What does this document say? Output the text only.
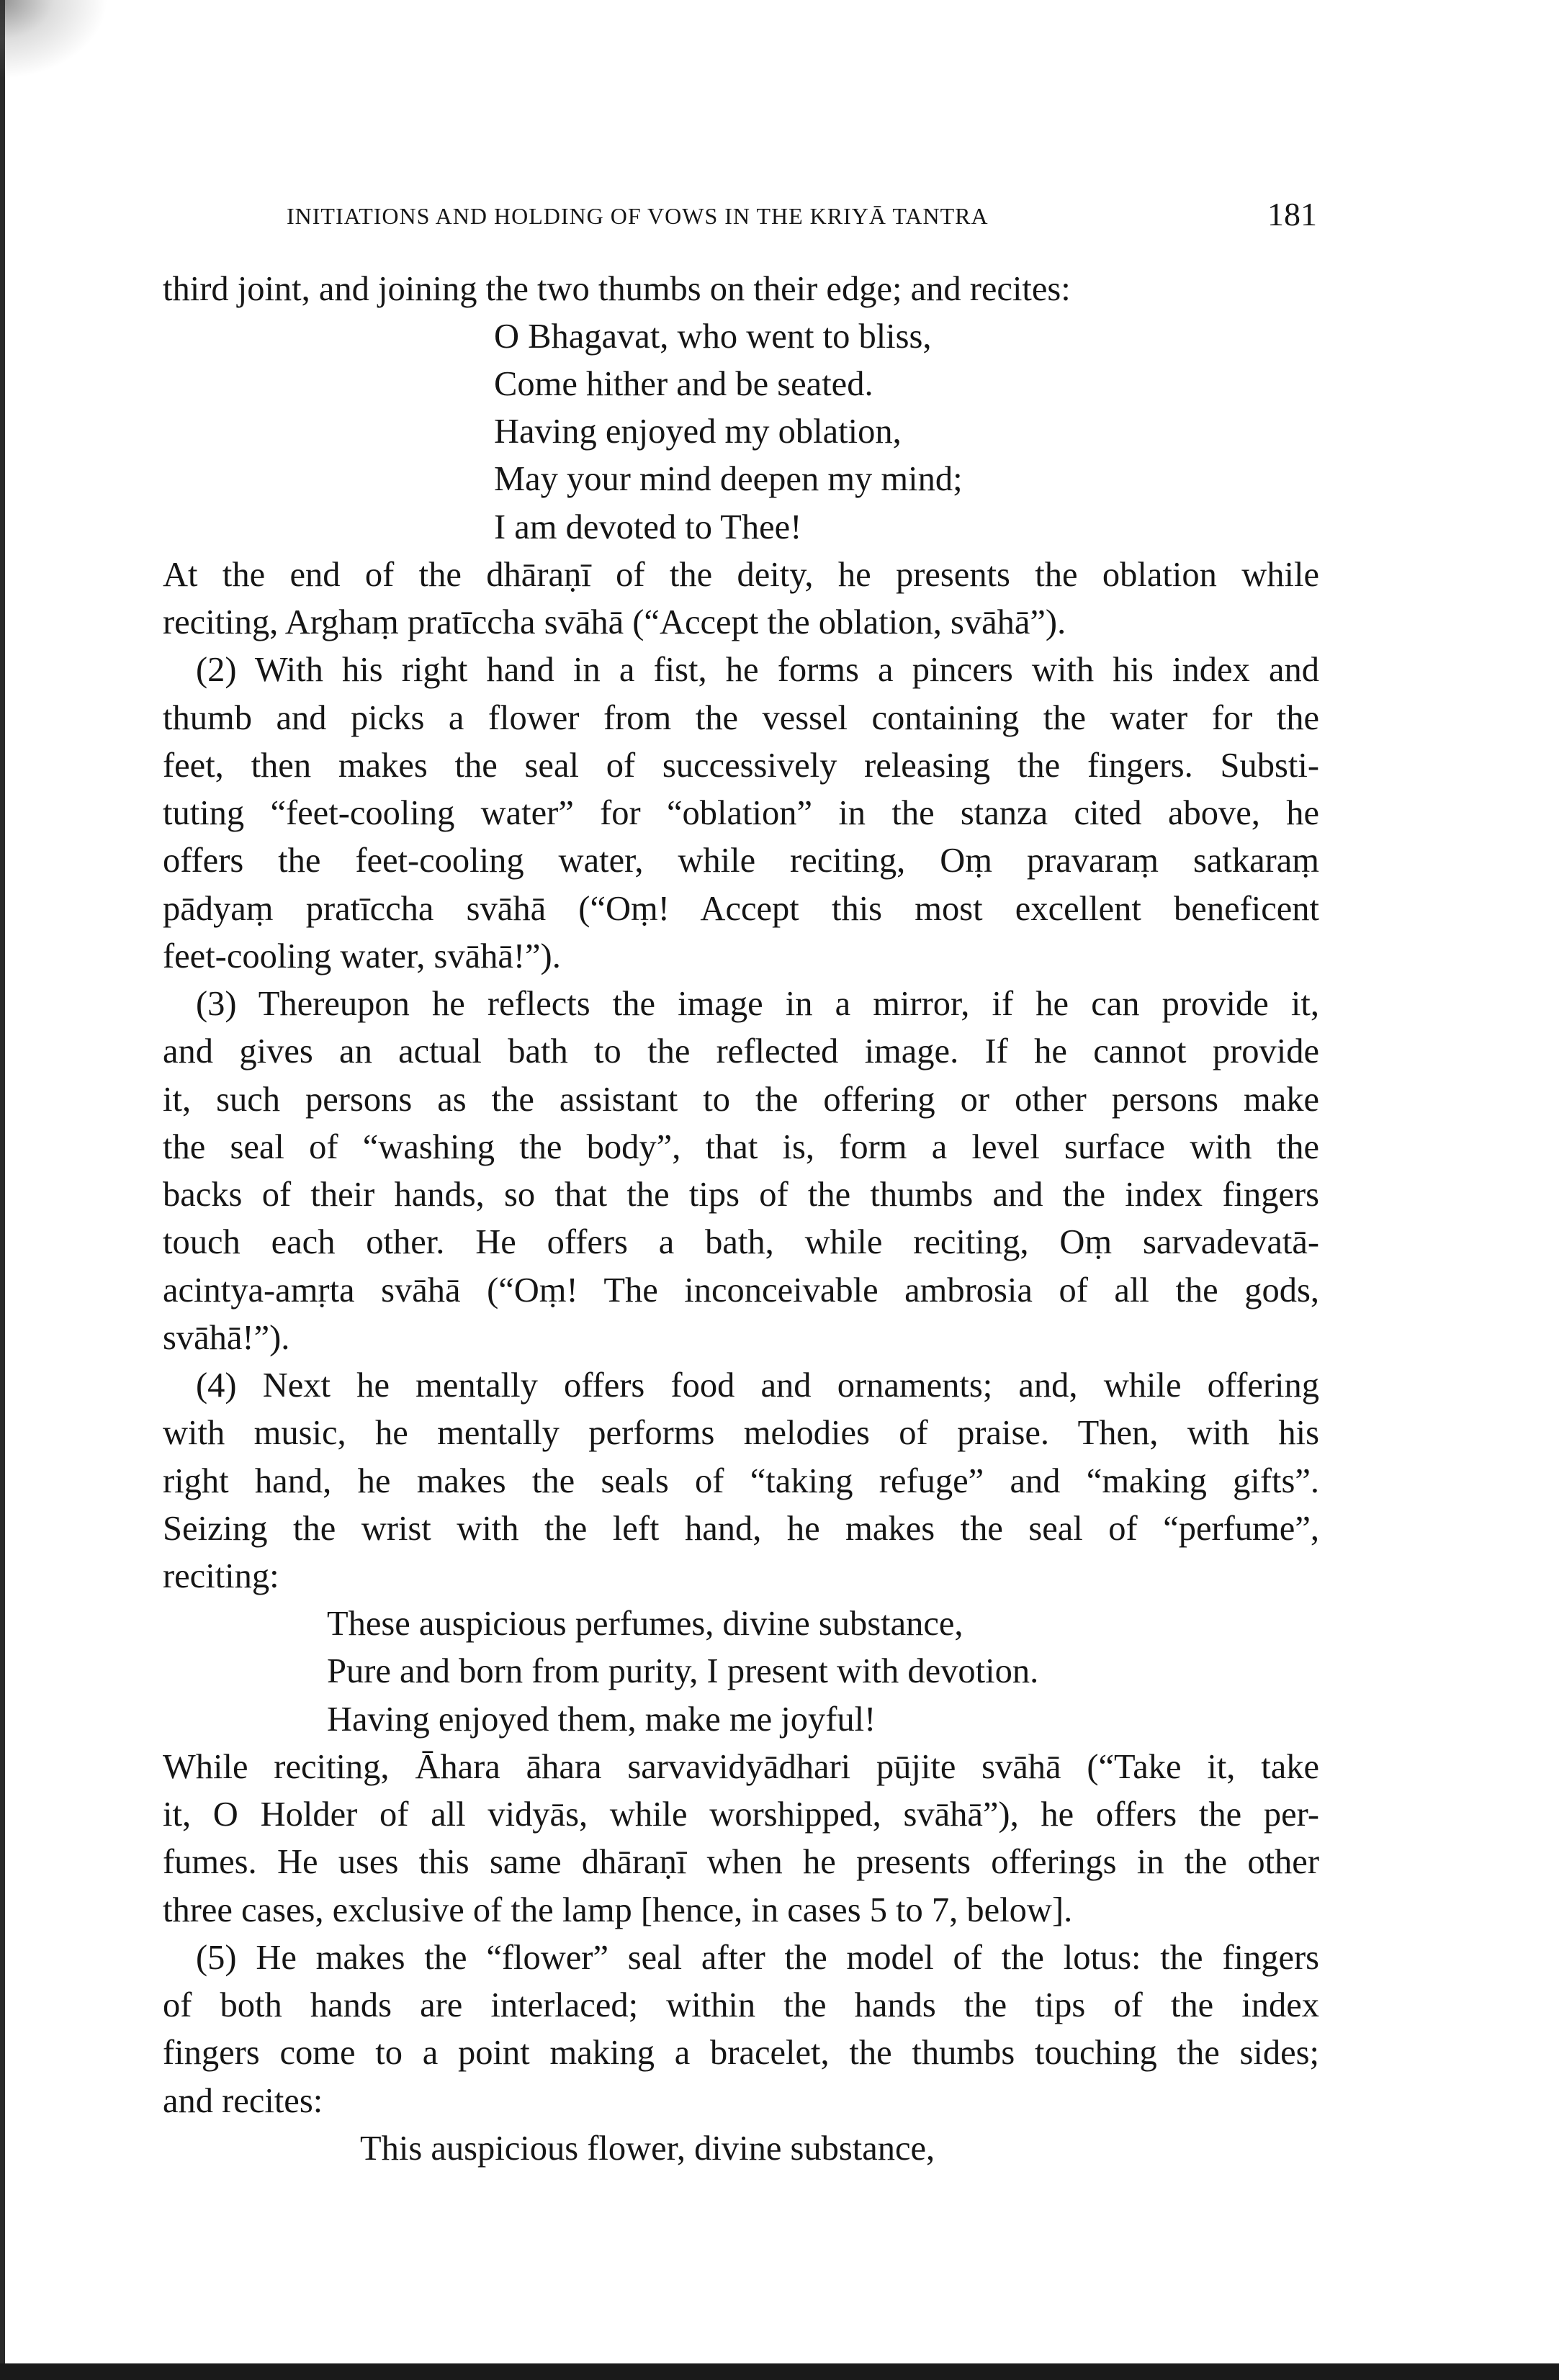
INITIATIONS AND HOLDING OF VOWS IN THE KRIYĀ TANTRA	181
third joint, and joining the two thumbs on their edge; and recites:
O Bhagavat, who went to bliss,
Come hither and be seated.
Having enjoyed my oblation,
May your mind deepen my mind;
I am devoted to Thee!
At the end of the dhāraṇī of the deity, he presents the oblation while
reciting, Arghaṃ pratīccha svāhā (“Accept the oblation, svāhā”).
(2) With his right hand in a fist, he forms a pincers with his index and
thumb and picks a flower from the vessel containing the water for the
feet, then makes the seal of successively releasing the fingers. Substi-
tuting “feet-cooling water” for “oblation” in the stanza cited above, he
offers the feet-cooling water, while reciting, Oṃ pravaraṃ satkaraṃ
pādyaṃ pratīccha svāhā (“Oṃ! Accept this most excellent beneficent
feet-cooling water, svāhā!”).
(3) Thereupon he reflects the image in a mirror, if he can provide it,
and gives an actual bath to the reflected image. If he cannot provide
it, such persons as the assistant to the offering or other persons make
the seal of “washing the body”, that is, form a level surface with the
backs of their hands, so that the tips of the thumbs and the index fingers
touch each other. He offers a bath, while reciting, Oṃ sarvadevatā-
acintya-amṛta svāhā (“Oṃ! The inconceivable ambrosia of all the gods,
svāhā!”).
(4) Next he mentally offers food and ornaments; and, while offering
with music, he mentally performs melodies of praise. Then, with his
right hand, he makes the seals of “taking refuge” and “making gifts”.
Seizing the wrist with the left hand, he makes the seal of “perfume”,
reciting:
These auspicious perfumes, divine substance,
Pure and born from purity, I present with devotion.
Having enjoyed them, make me joyful!
While reciting, Āhara āhara sarvavidyādhari pūjite svāhā (“Take it, take
it, O Holder of all vidyās, while worshipped, svāhā”), he offers the per-
fumes. He uses this same dhāraṇī when he presents offerings in the other
three cases, exclusive of the lamp [hence, in cases 5 to 7, below].
(5) He makes the “flower” seal after the model of the lotus: the fingers
of both hands are interlaced; within the hands the tips of the index
fingers come to a point making a bracelet, the thumbs touching the sides;
and recites:
This auspicious flower, divine substance,
